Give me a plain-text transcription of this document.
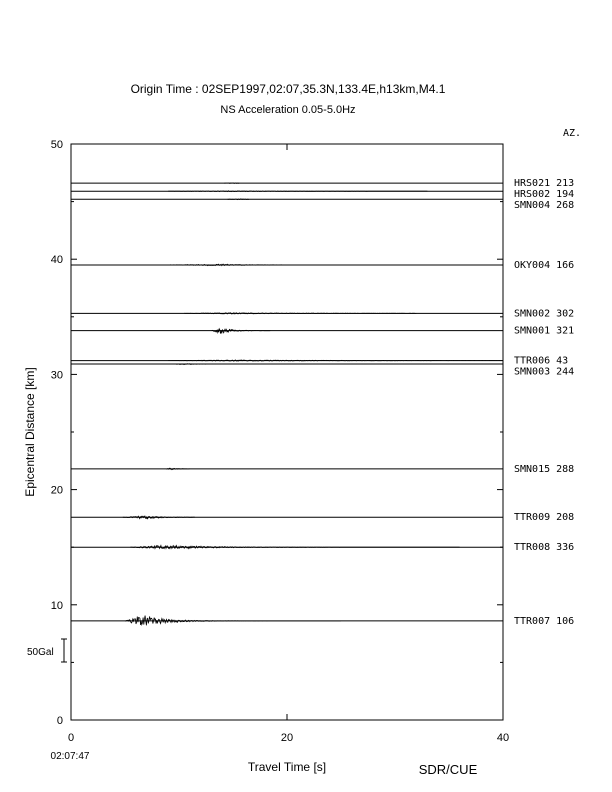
Origin Time : 02SEP1997,02:07,35.3N,133.4E,h13km,M4.1
NS Acceleration 0.05-5.0Hz
AZ.
0
10
20
30
40
50
0	20	40
HRS021 213
HRS002 194
SMN004 268
OKY004 166
SMN002 302
SMN001 321
TTR006 43
SMN003 244
SMN015 288
TTR009 208
TTR008 336
TTR007 106
Epicentral Distance [km]
Travel Time [s]
02:07:47
SDR/CUE
50Gal
